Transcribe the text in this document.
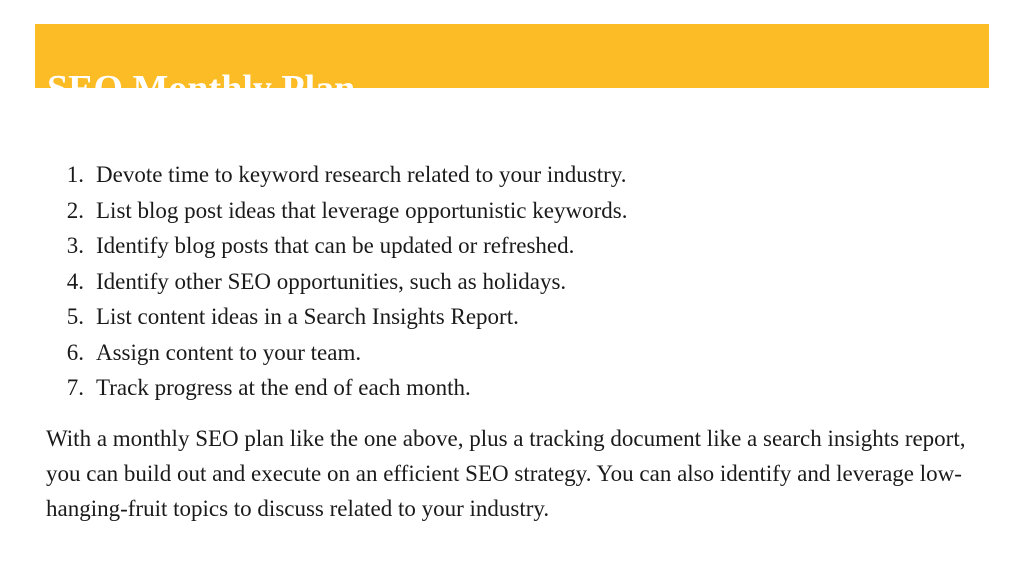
SEO Monthly Plan
1. Devote time to keyword research related to your industry.
2. List blog post ideas that leverage opportunistic keywords.
3. Identify blog posts that can be updated or refreshed.
4. Identify other SEO opportunities, such as holidays.
5. List content ideas in a Search Insights Report.
6. Assign content to your team.
7. Track progress at the end of each month.

With a monthly SEO plan like the one above, plus a tracking document like a search insights report, you can build out and execute on an efficient SEO strategy. You can also identify and leverage low-hanging-fruit topics to discuss related to your industry.
